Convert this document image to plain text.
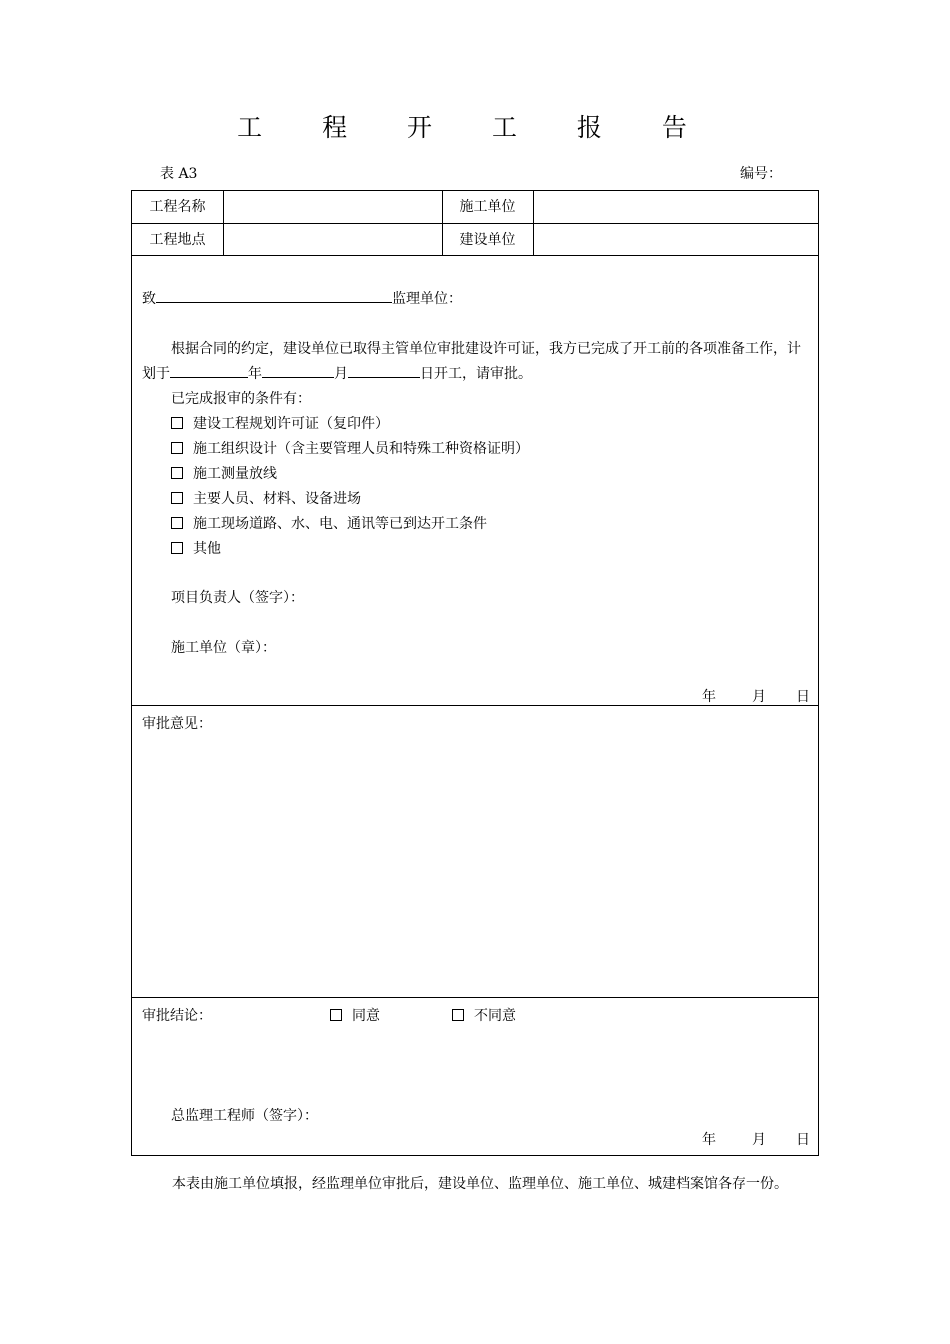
工 程 开 工 报 告
表 A3	编号：
工程名称	施工单位
工程地点	建设单位
致	监理单位：
根据合同的约定，建设单位已取得主管单位审批建设许可证，我方已完成了开工前的各项准备工作，计
划于	年	月	日开工，请审批。
已完成报审的条件有：
建设工程规划许可证（复印件）
施工组织设计（含主要管理人员和特殊工种资格证明）
施工测量放线
主要人员、材料、设备进场
施工现场道路、水、电、通讯等已到达开工条件
其他
项目负责人（签字）：
施工单位（章）：
年	月 日
审批意见：
审批结论：	同意	不同意
总监理工程师（签字）：
年	月 日
本表由施工单位填报，经监理单位审批后，建设单位、监理单位、施工单位、城建档案馆各存一份。
